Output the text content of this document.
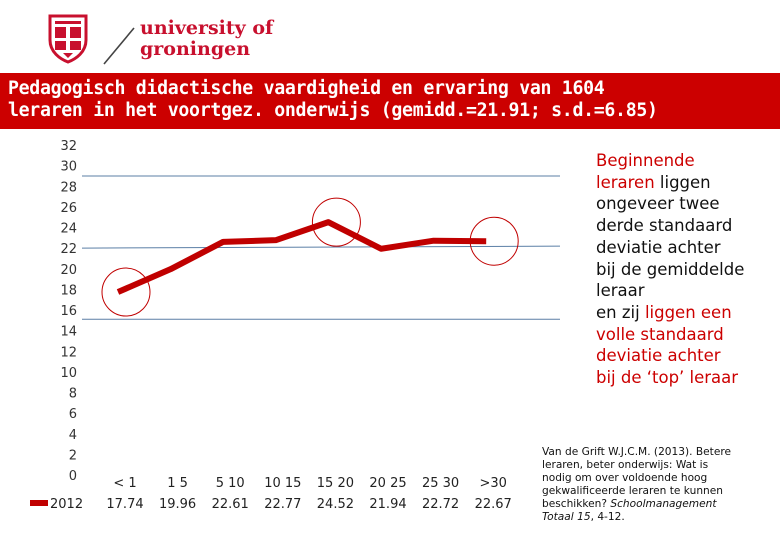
university of
groningen
Pedagogisch didactische vaardigheid en ervaring van 1604
leraren in het voortgez. onderwijs (gemidd.=21.91; s.d.=6.85)
0
2
4
6
8
10
12
14
16
18
20
22
24
26
28
30
32
< 1 1 5 5 10 10 15 15 20 20 25 25 30 >30
2012 17.74 19.96 22.61 22.77 24.52 21.94 22.72 22.67
Beginnende
leraren liggen
ongeveer twee
derde standaard
deviatie achter
bij de gemiddelde
leraar
en zij liggen een
volle standaard
deviatie achter
bij de ‘top’ leraar
Van de Grift W.J.C.M. (2013). Betere
leraren, beter onderwijs: Wat is
nodig om over voldoende hoog
gekwalificeerde leraren te kunnen
beschikken? Schoolmanagement
Totaal 15, 4-12.
